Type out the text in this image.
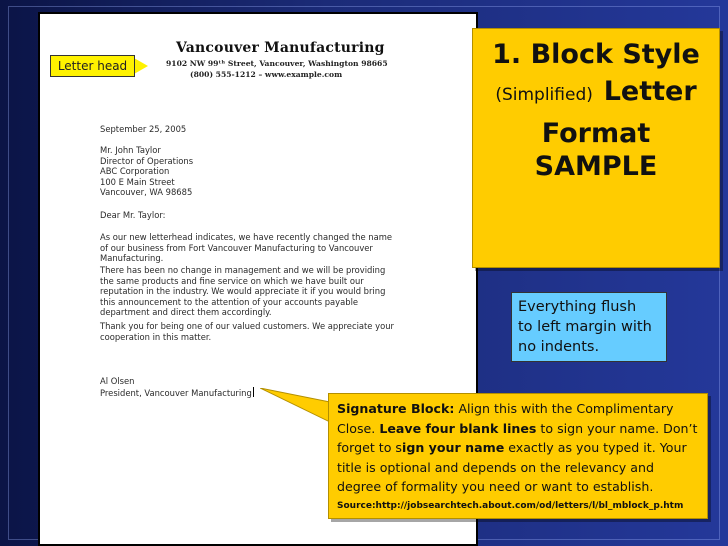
Vancouver Manufacturing
9102 NW 99ᵗʰ Street, Vancouver, Washington 98665
(800) 555-1212 – www.example.com
September 25, 2005
Mr. John Taylor
Director of Operations
ABC Corporation
100 E Main Street
Vancouver, WA 98685
Dear Mr. Taylor:
As our new letterhead indicates, we have recently changed the name
of our business from Fort Vancouver Manufacturing to Vancouver
Manufacturing.
There has been no change in management and we will be providing
the same products and fine service on which we have built our
reputation in the industry. We would appreciate it if you would bring
this announcement to the attention of your accounts payable
department and direct them accordingly.
Thank you for being one of our valued customers. We appreciate your
cooperation in this matter.
Al Olsen
President, Vancouver Manufacturing
Letter head	1. Block Style
(Simplified) Letter
Format
SAMPLE
Everything flush
to left margin with
no indents.
Signature Block: Align this with the Complimentary Close. Leave four blank lines to sign your name. Don’t forget to sign your name exactly as you typed it. Your title is optional and depends on the relevancy and degree of formality you need or want to establish.
Source:http://jobsearchtech.about.com/od/letters/l/bl_mblock_p.htm
